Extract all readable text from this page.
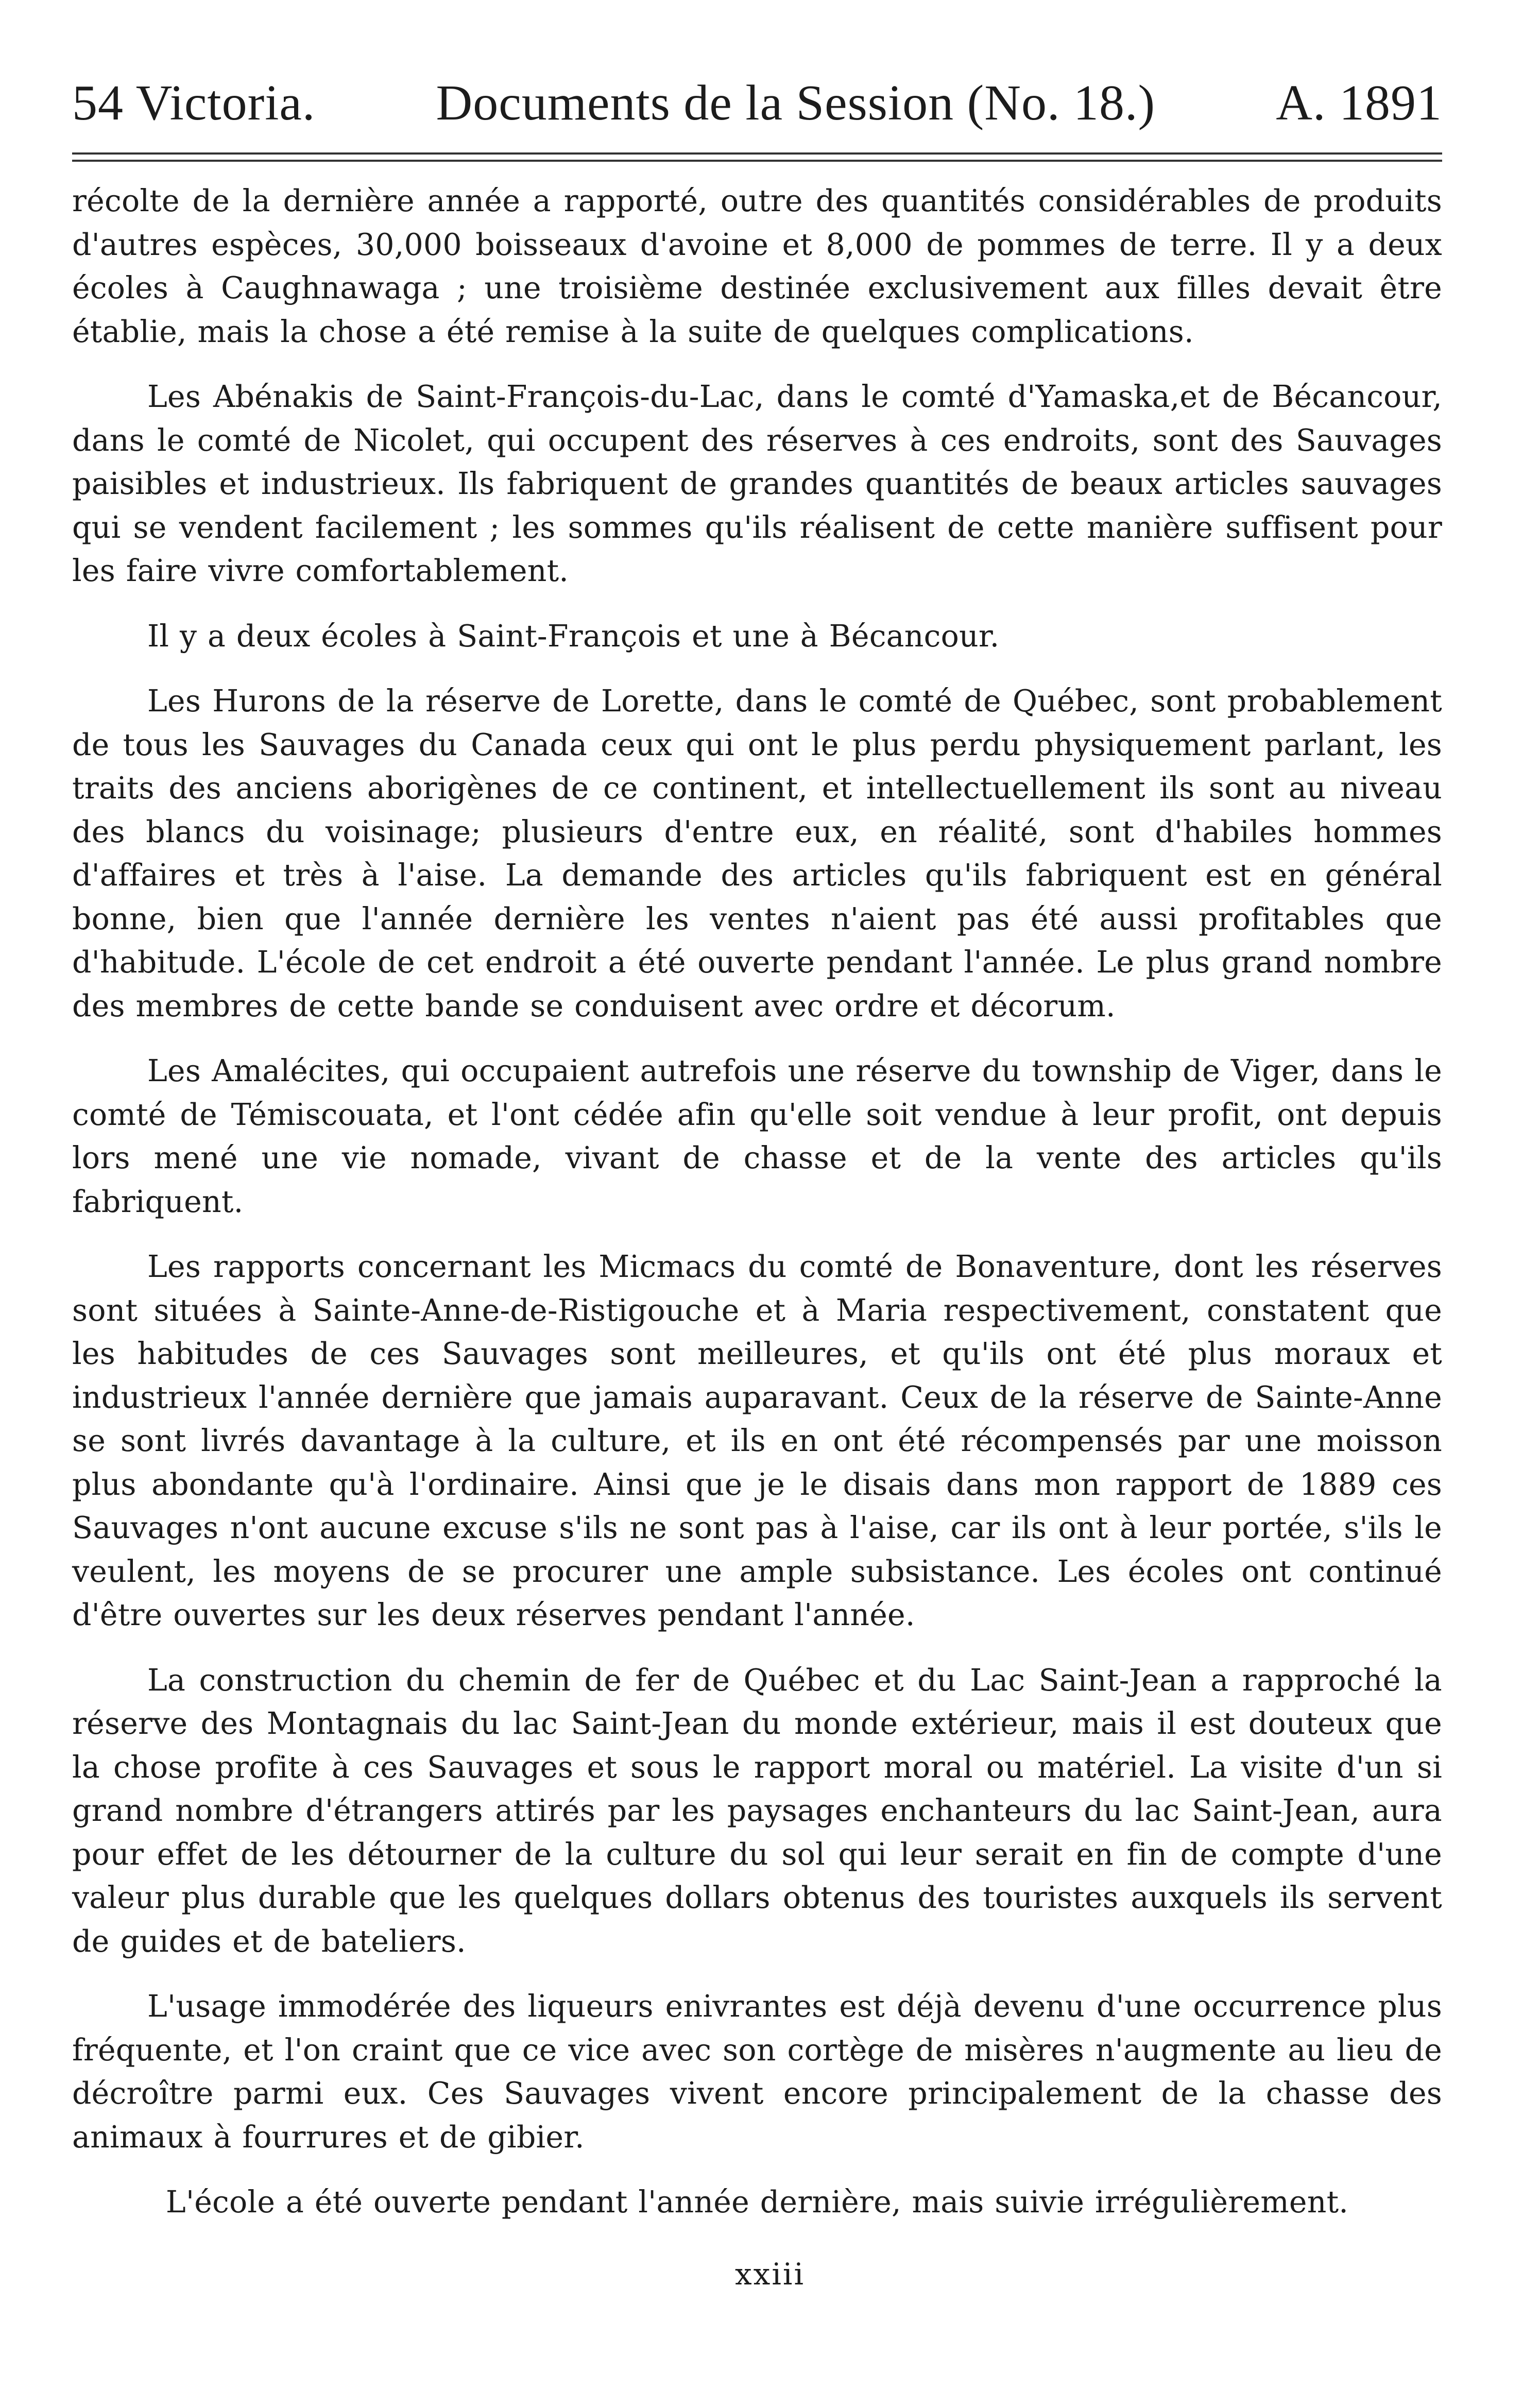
54 Victoria. Documents de la Session (No. 18.) A. 1891

récolte de la dernière année a rapporté, outre des quantités considérables de produits d'autres espèces, 30,000 boisseaux d'avoine et 8,000 de pommes de terre. Il y a deux écoles à Caughnawaga ; une troisième destinée exclusivement aux filles devait être établie, mais la chose a été remise à la suite de quelques complications.

Les Abénakis de Saint-François-du-Lac, dans le comté d'Yamaska,et de Bécancour, dans le comté de Nicolet, qui occupent des réserves à ces endroits, sont des Sauvages paisibles et industrieux. Ils fabriquent de grandes quantités de beaux articles sauvages qui se vendent facilement ; les sommes qu'ils réalisent de cette manière suffisent pour les faire vivre comfortablement.

Il y a deux écoles à Saint-François et une à Bécancour.

Les Hurons de la réserve de Lorette, dans le comté de Québec, sont probablement de tous les Sauvages du Canada ceux qui ont le plus perdu physiquement parlant, les traits des anciens aborigènes de ce continent, et intellectuellement ils sont au niveau des blancs du voisinage; plusieurs d'entre eux, en réalité, sont d'habiles hommes d'affaires et très à l'aise. La demande des articles qu'ils fabriquent est en général bonne, bien que l'année dernière les ventes n'aient pas été aussi profitables que d'habitude. L'école de cet endroit a été ouverte pendant l'année. Le plus grand nombre des membres de cette bande se conduisent avec ordre et décorum.

Les Amalécites, qui occupaient autrefois une réserve du township de Viger, dans le comté de Témiscouata, et l'ont cédée afin qu'elle soit vendue à leur profit, ont depuis lors mené une vie nomade, vivant de chasse et de la vente des articles qu'ils fabriquent.

Les rapports concernant les Micmacs du comté de Bonaventure, dont les réserves sont situées à Sainte-Anne-de-Ristigouche et à Maria respectivement, constatent que les habitudes de ces Sauvages sont meilleures, et qu'ils ont été plus moraux et industrieux l'année dernière que jamais auparavant. Ceux de la réserve de Sainte-Anne se sont livrés davantage à la culture, et ils en ont été récompensés par une moisson plus abondante qu'à l'ordinaire. Ainsi que je le disais dans mon rapport de 1889 ces Sauvages n'ont aucune excuse s'ils ne sont pas à l'aise, car ils ont à leur portée, s'ils le veulent, les moyens de se procurer une ample subsistance. Les écoles ont continué d'être ouvertes sur les deux réserves pendant l'année.

La construction du chemin de fer de Québec et du Lac Saint-Jean a rapproché la réserve des Montagnais du lac Saint-Jean du monde extérieur, mais il est douteux que la chose profite à ces Sauvages et sous le rapport moral ou matériel. La visite d'un si grand nombre d'étrangers attirés par les paysages enchanteurs du lac Saint-Jean, aura pour effet de les détourner de la culture du sol qui leur serait en fin de compte d'une valeur plus durable que les quelques dollars obtenus des touristes auxquels ils servent de guides et de bateliers.

L'usage immodérée des liqueurs enivrantes est déjà devenu d'une occurrence plus fréquente, et l'on craint que ce vice avec son cortège de misères n'augmente au lieu de décroître parmi eux. Ces Sauvages vivent encore principalement de la chasse des animaux à fourrures et de gibier.

L'école a été ouverte pendant l'année dernière, mais suivie irrégulièrement.

xxiii
